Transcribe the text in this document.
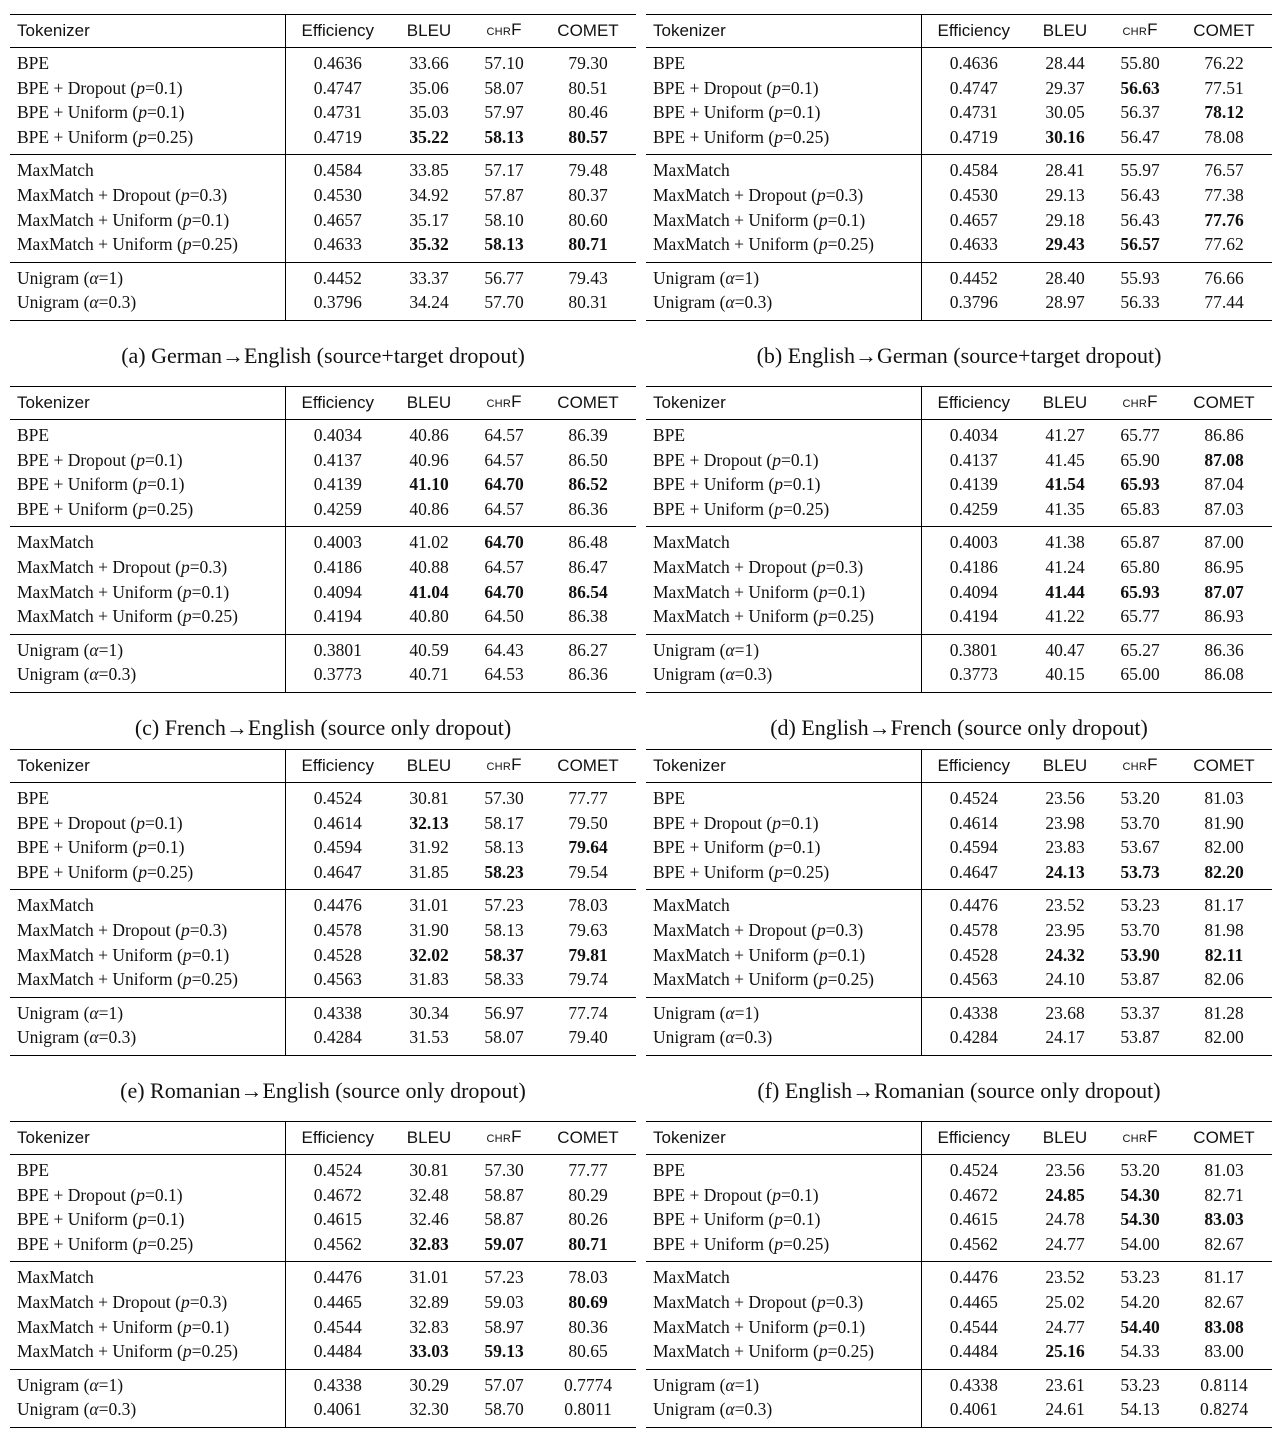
Tokenizer	Efficiency	BLEU	chrF	COMET
BPE	0.4636	33.66	57.10	79.30
BPE + Dropout (p=0.1)	0.4747	35.06	58.07	80.51
BPE + Uniform (p=0.1)	0.4731	35.03	57.97	80.46
BPE + Uniform (p=0.25)	0.4719	35.22	58.13	80.57
MaxMatch	0.4584	33.85	57.17	79.48
MaxMatch + Dropout (p=0.3)	0.4530	34.92	57.87	80.37
MaxMatch + Uniform (p=0.1)	0.4657	35.17	58.10	80.60
MaxMatch + Uniform (p=0.25)	0.4633	35.32	58.13	80.71
Unigram (α=1)	0.4452	33.37	56.77	79.43
Unigram (α=0.3)	0.3796	34.24	57.70	80.31
Tokenizer	Efficiency	BLEU	chrF	COMET
BPE	0.4636	28.44	55.80	76.22
BPE + Dropout (p=0.1)	0.4747	29.37	56.63	77.51
BPE + Uniform (p=0.1)	0.4731	30.05	56.37	78.12
BPE + Uniform (p=0.25)	0.4719	30.16	56.47	78.08
MaxMatch	0.4584	28.41	55.97	76.57
MaxMatch + Dropout (p=0.3)	0.4530	29.13	56.43	77.38
MaxMatch + Uniform (p=0.1)	0.4657	29.18	56.43	77.76
MaxMatch + Uniform (p=0.25)	0.4633	29.43	56.57	77.62
Unigram (α=1)	0.4452	28.40	55.93	76.66
Unigram (α=0.3)	0.3796	28.97	56.33	77.44
(a) German→English (source+target dropout)	(b) English→German (source+target dropout)
Tokenizer	Efficiency	BLEU	chrF	COMET
BPE	0.4034	40.86	64.57	86.39
BPE + Dropout (p=0.1)	0.4137	40.96	64.57	86.50
BPE + Uniform (p=0.1)	0.4139	41.10	64.70	86.52
BPE + Uniform (p=0.25)	0.4259	40.86	64.57	86.36
MaxMatch	0.4003	41.02	64.70	86.48
MaxMatch + Dropout (p=0.3)	0.4186	40.88	64.57	86.47
MaxMatch + Uniform (p=0.1)	0.4094	41.04	64.70	86.54
MaxMatch + Uniform (p=0.25)	0.4194	40.80	64.50	86.38
Unigram (α=1)	0.3801	40.59	64.43	86.27
Unigram (α=0.3)	0.3773	40.71	64.53	86.36
Tokenizer	Efficiency	BLEU	chrF	COMET
BPE	0.4034	41.27	65.77	86.86
BPE + Dropout (p=0.1)	0.4137	41.45	65.90	87.08
BPE + Uniform (p=0.1)	0.4139	41.54	65.93	87.04
BPE + Uniform (p=0.25)	0.4259	41.35	65.83	87.03
MaxMatch	0.4003	41.38	65.87	87.00
MaxMatch + Dropout (p=0.3)	0.4186	41.24	65.80	86.95
MaxMatch + Uniform (p=0.1)	0.4094	41.44	65.93	87.07
MaxMatch + Uniform (p=0.25)	0.4194	41.22	65.77	86.93
Unigram (α=1)	0.3801	40.47	65.27	86.36
Unigram (α=0.3)	0.3773	40.15	65.00	86.08
(c) French→English (source only dropout)	(d) English→French (source only dropout)
Tokenizer	Efficiency	BLEU	chrF	COMET
BPE	0.4524	30.81	57.30	77.77
BPE + Dropout (p=0.1)	0.4614	32.13	58.17	79.50
BPE + Uniform (p=0.1)	0.4594	31.92	58.13	79.64
BPE + Uniform (p=0.25)	0.4647	31.85	58.23	79.54
MaxMatch	0.4476	31.01	57.23	78.03
MaxMatch + Dropout (p=0.3)	0.4578	31.90	58.13	79.63
MaxMatch + Uniform (p=0.1)	0.4528	32.02	58.37	79.81
MaxMatch + Uniform (p=0.25)	0.4563	31.83	58.33	79.74
Unigram (α=1)	0.4338	30.34	56.97	77.74
Unigram (α=0.3)	0.4284	31.53	58.07	79.40
Tokenizer	Efficiency	BLEU	chrF	COMET
BPE	0.4524	23.56	53.20	81.03
BPE + Dropout (p=0.1)	0.4614	23.98	53.70	81.90
BPE + Uniform (p=0.1)	0.4594	23.83	53.67	82.00
BPE + Uniform (p=0.25)	0.4647	24.13	53.73	82.20
MaxMatch	0.4476	23.52	53.23	81.17
MaxMatch + Dropout (p=0.3)	0.4578	23.95	53.70	81.98
MaxMatch + Uniform (p=0.1)	0.4528	24.32	53.90	82.11
MaxMatch + Uniform (p=0.25)	0.4563	24.10	53.87	82.06
Unigram (α=1)	0.4338	23.68	53.37	81.28
Unigram (α=0.3)	0.4284	24.17	53.87	82.00
(e) Romanian→English (source only dropout)	(f) English→Romanian (source only dropout)
Tokenizer	Efficiency	BLEU	chrF	COMET
BPE	0.4524	30.81	57.30	77.77
BPE + Dropout (p=0.1)	0.4672	32.48	58.87	80.29
BPE + Uniform (p=0.1)	0.4615	32.46	58.87	80.26
BPE + Uniform (p=0.25)	0.4562	32.83	59.07	80.71
MaxMatch	0.4476	31.01	57.23	78.03
MaxMatch + Dropout (p=0.3)	0.4465	32.89	59.03	80.69
MaxMatch + Uniform (p=0.1)	0.4544	32.83	58.97	80.36
MaxMatch + Uniform (p=0.25)	0.4484	33.03	59.13	80.65
Unigram (α=1)	0.4338	30.29	57.07	0.7774
Unigram (α=0.3)	0.4061	32.30	58.70	0.8011
Tokenizer	Efficiency	BLEU	chrF	COMET
BPE	0.4524	23.56	53.20	81.03
BPE + Dropout (p=0.1)	0.4672	24.85	54.30	82.71
BPE + Uniform (p=0.1)	0.4615	24.78	54.30	83.03
BPE + Uniform (p=0.25)	0.4562	24.77	54.00	82.67
MaxMatch	0.4476	23.52	53.23	81.17
MaxMatch + Dropout (p=0.3)	0.4465	25.02	54.20	82.67
MaxMatch + Uniform (p=0.1)	0.4544	24.77	54.40	83.08
MaxMatch + Uniform (p=0.25)	0.4484	25.16	54.33	83.00
Unigram (α=1)	0.4338	23.61	53.23	0.8114
Unigram (α=0.3)	0.4061	24.61	54.13	0.8274
